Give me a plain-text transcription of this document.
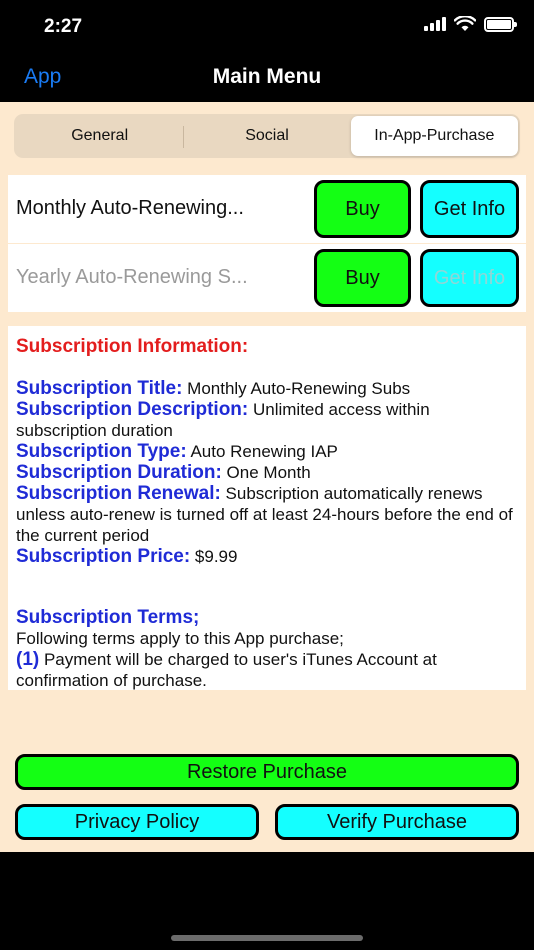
2:27
App	Main Menu
General	Social	In-App-Purchase
Monthly Auto-Renewing...	Buy	Get Info
Yearly Auto-Renewing S...	Buy	Get Info
Subscription Information:
Subscription Title: Monthly Auto-Renewing Subs
Subscription Description: Unlimited access within subscription duration
Subscription Type: Auto Renewing IAP
Subscription Duration: One Month
Subscription Renewal: Subscription automatically renews unless auto-renew is turned off at least 24-hours before the end of the current period
Subscription Price: $9.99
Subscription Terms;
Following terms apply to this App purchase;
(1) Payment will be charged to user's iTunes Account at confirmation of purchase.
Restore Purchase
Privacy Policy	Verify Purchase
